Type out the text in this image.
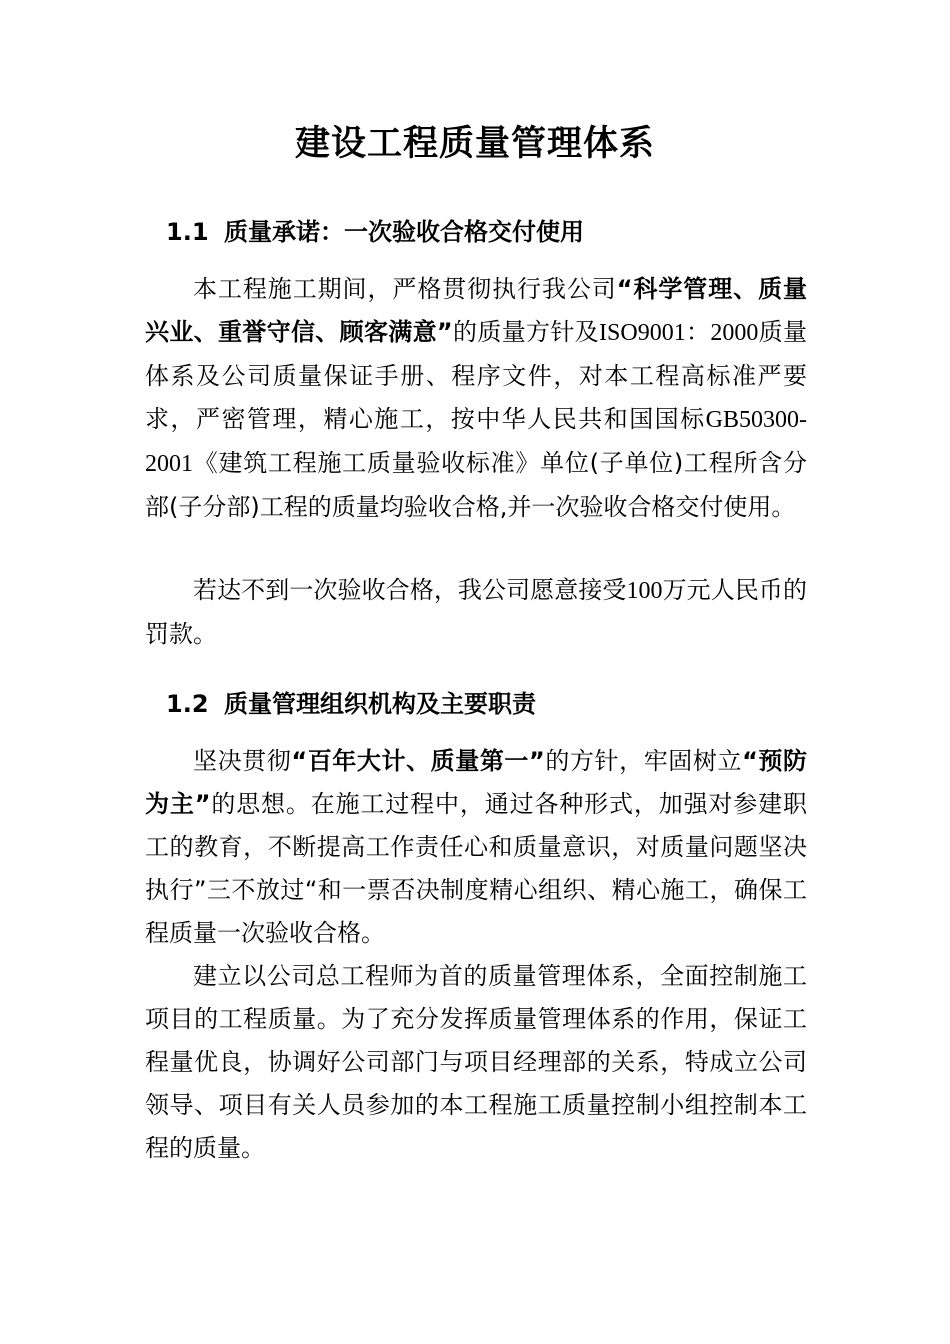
建设工程质量管理体系
1.1 质量承诺：一次验收合格交付使用
本工程施工期间，严格贯彻执行我公司“科学管理、质量兴业、重誉守信、顾客满意”的质量方针及ISO9001：2000质量体系及公司质量保证手册、程序文件，对本工程高标准严要求，严密管理，精心施工，按中华人民共和国国标GB50300-2001《建筑工程施工质量验收标准》单位(子单位)工程所含分部(子分部)工程的质量均验收合格,并一次验收合格交付使用。
若达不到一次验收合格，我公司愿意接受100万元人民币的罚款。
1.2 质量管理组织机构及主要职责
坚决贯彻“百年大计、质量第一”的方针，牢固树立“预防为主”的思想。在施工过程中，通过各种形式，加强对参建职工的教育，不断提高工作责任心和质量意识，对质量问题坚决执行”三不放过“和一票否决制度精心组织、精心施工，确保工程质量一次验收合格。
建立以公司总工程师为首的质量管理体系，全面控制施工项目的工程质量。为了充分发挥质量管理体系的作用，保证工程量优良，协调好公司部门与项目经理部的关系，特成立公司领导、项目有关人员参加的本工程施工质量控制小组控制本工程的质量。
